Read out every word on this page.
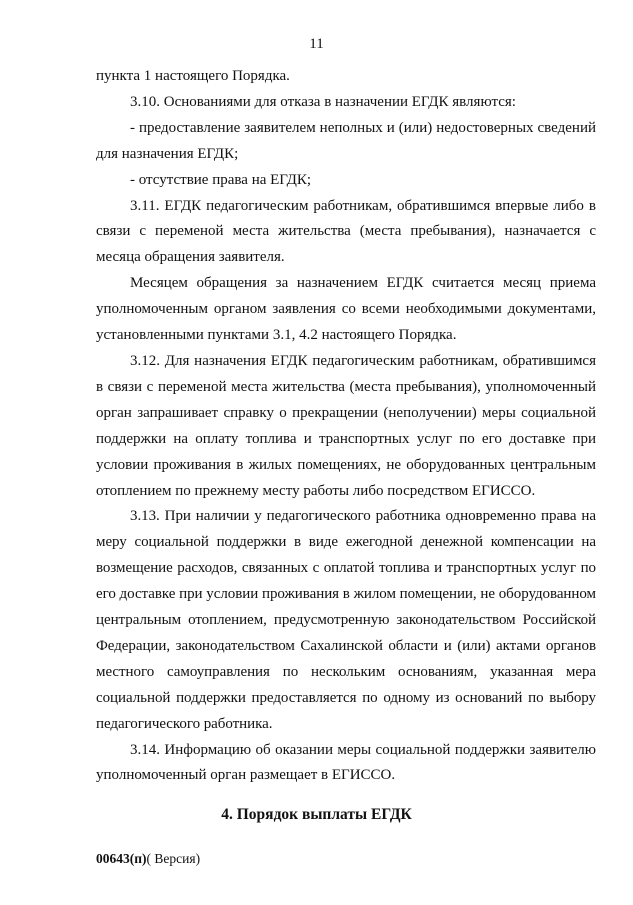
11

пункта 1 настоящего Порядка.

3.10. Основаниями для отказа в назначении ЕГДК являются:

- предоставление заявителем неполных и (или) недостоверных сведений для назначения ЕГДК;

- отсутствие права на ЕГДК;

3.11. ЕГДК педагогическим работникам, обратившимся впервые либо в связи с переменой места жительства (места пребывания), назначается с месяца обращения заявителя.

Месяцем обращения за назначением ЕГДК считается месяц приема уполномоченным органом заявления со всеми необходимыми документами, установленными пунктами 3.1, 4.2 настоящего Порядка.

3.12. Для назначения ЕГДК педагогическим работникам, обратившимся в связи с переменой места жительства (места пребывания), уполномоченный орган запрашивает справку о прекращении (неполучении) меры социальной поддержки на оплату топлива и транспортных услуг по его доставке при условии проживания в жилых помещениях, не оборудованных центральным отоплением по прежнему месту работы либо посредством ЕГИССО.

3.13. При наличии у педагогического работника одновременно права на меру социальной поддержки в виде ежегодной денежной компенсации на возмещение расходов, связанных с оплатой топлива и транспортных услуг по его доставке при условии проживания в жилом помещении, не оборудованном центральным отоплением, предусмотренную законодательством Российской Федерации, законодательством Сахалинской области и (или) актами органов местного самоуправления по нескольким основаниям, указанная мера социальной поддержки предоставляется по одному из оснований по выбору педагогического работника.

3.14. Информацию об оказании меры социальной поддержки заявителю уполномоченный орган размещает в ЕГИССО.

4. Порядок выплаты ЕГДК
00643(п)( Версия)
